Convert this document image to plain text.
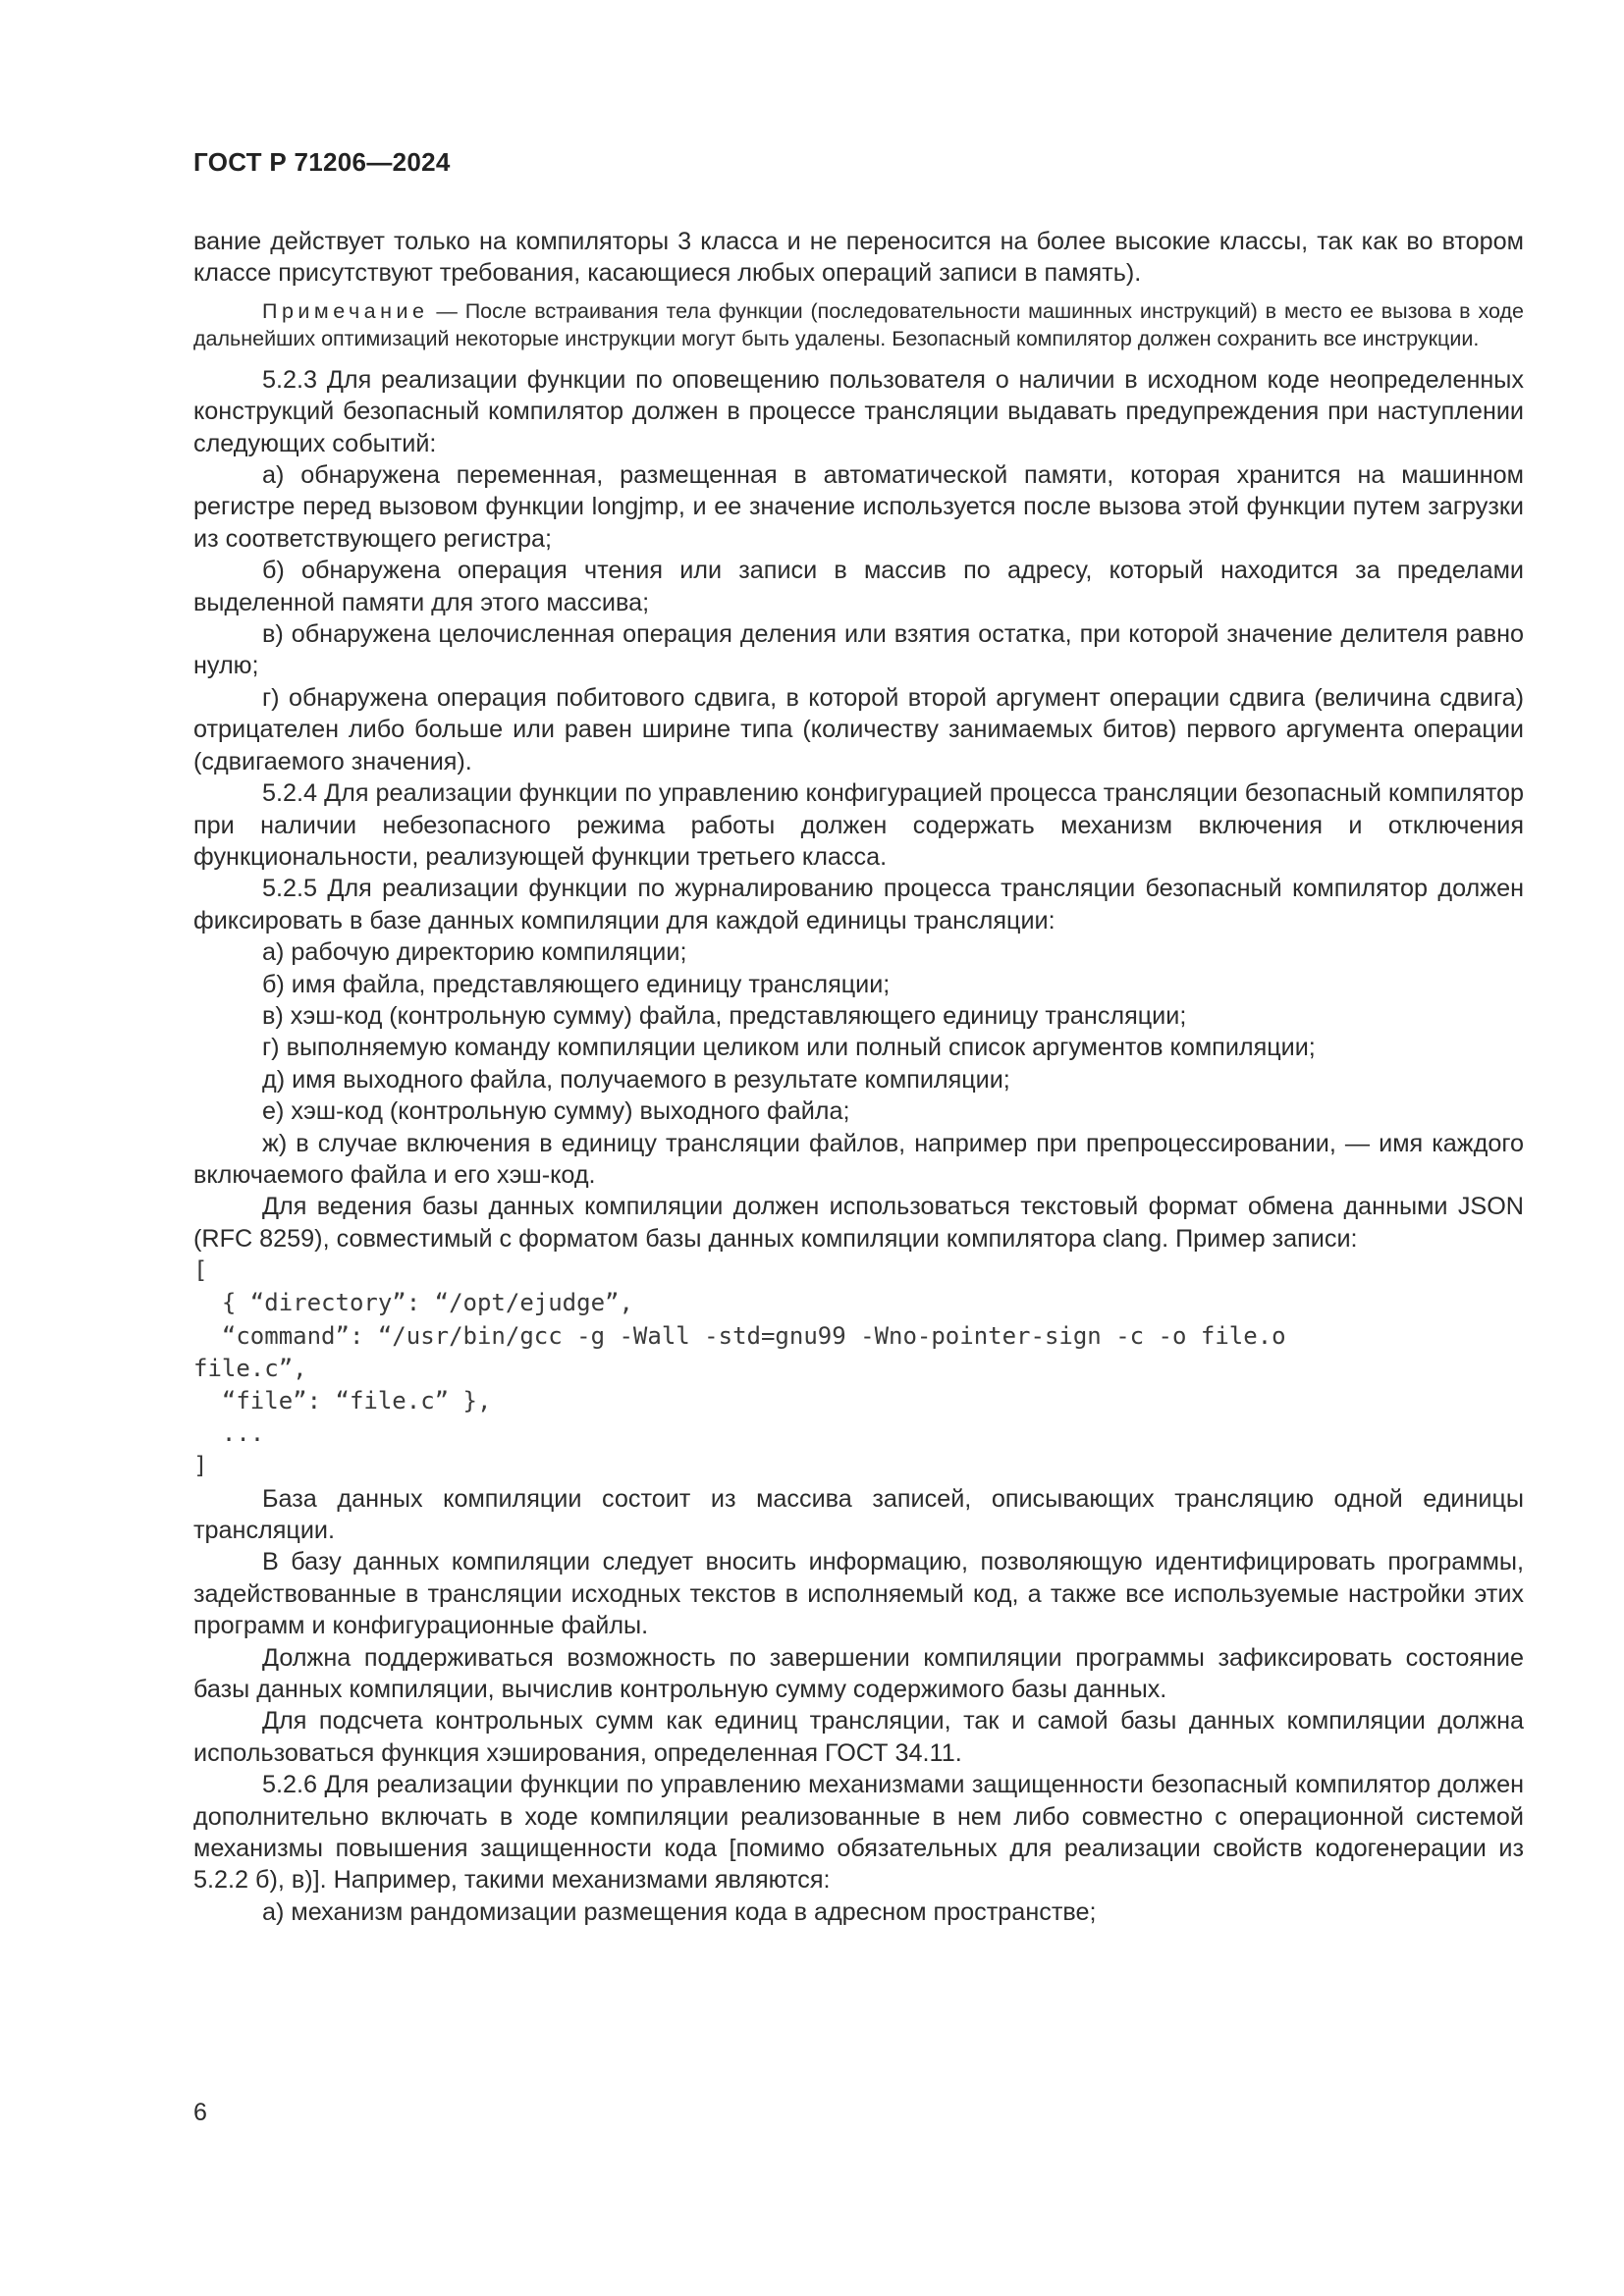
ГОСТ Р 71206—2024

вание действует только на компиляторы 3 класса и не переносится на более высокие классы, так как во втором классе присутствуют требования, касающиеся любых операций записи в память).

Примечание — После встраивания тела функции (последовательности машинных инструкций) в место ее вызова в ходе дальнейших оптимизаций некоторые инструкции могут быть удалены. Безопасный компилятор должен сохранить все инструкции.

5.2.3 Для реализации функции по оповещению пользователя о наличии в исходном коде неопределенных конструкций безопасный компилятор должен в процессе трансляции выдавать предупреждения при наступлении следующих событий:

а) обнаружена переменная, размещенная в автоматической памяти, которая хранится на машинном регистре перед вызовом функции longjmp, и ее значение используется после вызова этой функции путем загрузки из соответствующего регистра;

б) обнаружена операция чтения или записи в массив по адресу, который находится за пределами выделенной памяти для этого массива;

в) обнаружена целочисленная операция деления или взятия остатка, при которой значение делителя равно нулю;

г) обнаружена операция побитового сдвига, в которой второй аргумент операции сдвига (величина сдвига) отрицателен либо больше или равен ширине типа (количеству занимаемых битов) первого аргумента операции (сдвигаемого значения).

5.2.4 Для реализации функции по управлению конфигурацией процесса трансляции безопасный компилятор при наличии небезопасного режима работы должен содержать механизм включения и отключения функциональности, реализующей функции третьего класса.

5.2.5 Для реализации функции по журналированию процесса трансляции безопасный компилятор должен фиксировать в базе данных компиляции для каждой единицы трансляции:

а) рабочую директорию компиляции;

б) имя файла, представляющего единицу трансляции;

в) хэш-код (контрольную сумму) файла, представляющего единицу трансляции;

г) выполняемую команду компиляции целиком или полный список аргументов компиляции;

д) имя выходного файла, получаемого в результате компиляции;

е) хэш-код (контрольную сумму) выходного файла;

ж) в случае включения в единицу трансляции файлов, например при препроцессировании, — имя каждого включаемого файла и его хэш-код.

Для ведения базы данных компиляции должен использоваться текстовый формат обмена данными JSON (RFC 8259), совместимый с форматом базы данных компиляции компилятора clang. Пример записи:

[
{ “directory”: “/opt/ejudge”,
“command”: “/usr/bin/gcc -g -Wall -std=gnu99 -Wno-pointer-sign -c -o file.o
file.c”,
“file”: “file.c” },
...
]

База данных компиляции состоит из массива записей, описывающих трансляцию одной единицы трансляции.

В базу данных компиляции следует вносить информацию, позволяющую идентифицировать программы, задействованные в трансляции исходных текстов в исполняемый код, а также все используемые настройки этих программ и конфигурационные файлы.

Должна поддерживаться возможность по завершении компиляции программы зафиксировать состояние базы данных компиляции, вычислив контрольную сумму содержимого базы данных.

Для подсчета контрольных сумм как единиц трансляции, так и самой базы данных компиляции должна использоваться функция хэширования, определенная ГОСТ 34.11.

5.2.6 Для реализации функции по управлению механизмами защищенности безопасный компилятор должен дополнительно включать в ходе компиляции реализованные в нем либо совместно с операционной системой механизмы повышения защищенности кода [помимо обязательных для реализации свойств кодогенерации из 5.2.2 б), в)]. Например, такими механизмами являются:

а) механизм рандомизации размещения кода в адресном пространстве;

6
